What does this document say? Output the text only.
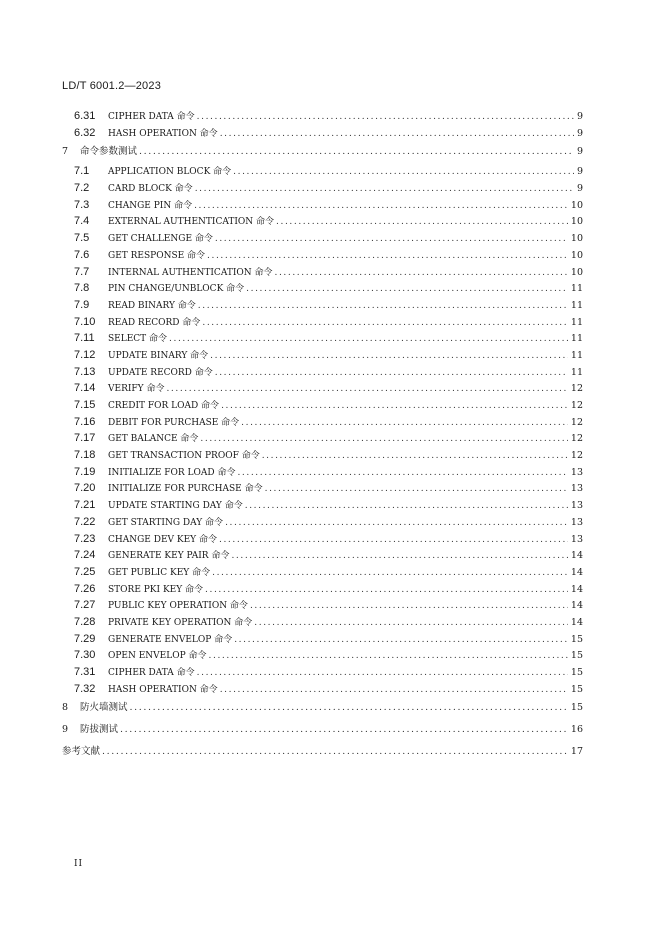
LD/T 6001.2—2023
6.31	CIPHER DATA 命令 .....	9
6.32	HASH OPERATION 命令 .....	9
7	命令参数测试 .....	9
7.1	APPLICATION BLOCK 命令 .....	9
7.2	CARD BLOCK 命令 .....	9
7.3	CHANGE PIN 命令 .....	10
7.4	EXTERNAL AUTHENTICATION 命令 .....	10
7.5	GET CHALLENGE 命令 .....	10
7.6	GET RESPONSE 命令 .....	10
7.7	INTERNAL AUTHENTICATION 命令 .....	10
7.8	PIN CHANGE/UNBLOCK 命令 .....	11
7.9	READ BINARY 命令 .....	11
7.10	READ RECORD 命令 .....	11
7.11	SELECT 命令 .....	11
7.12	UPDATE BINARY 命令 .....	11
7.13	UPDATE RECORD 命令 .....	11
7.14	VERIFY 命令 .....	12
7.15	CREDIT FOR LOAD 命令 .....	12
7.16	DEBIT FOR PURCHASE 命令 .....	12
7.17	GET BALANCE 命令 .....	12
7.18	GET TRANSACTION PROOF 命令 .....	12
7.19	INITIALIZE FOR LOAD 命令 .....	13
7.20	INITIALIZE FOR PURCHASE 命令 .....	13
7.21	UPDATE STARTING DAY 命令 .....	13
7.22	GET STARTING DAY 命令 .....	13
7.23	CHANGE DEV KEY 命令 .....	13
7.24	GENERATE KEY PAIR 命令 .....	14
7.25	GET PUBLIC KEY 命令 .....	14
7.26	STORE PKI KEY 命令 .....	14
7.27	PUBLIC KEY OPERATION 命令 .....	14
7.28	PRIVATE KEY OPERATION 命令 .....	14
7.29	GENERATE ENVELOP 命令 .....	15
7.30	OPEN ENVELOP 命令 .....	15
7.31	CIPHER DATA 命令 .....	15
7.32	HASH OPERATION 命令 .....	15
8	防火墙测试 .....	15
9	防拔测试 .....	16
参考文献 .....	17
II
